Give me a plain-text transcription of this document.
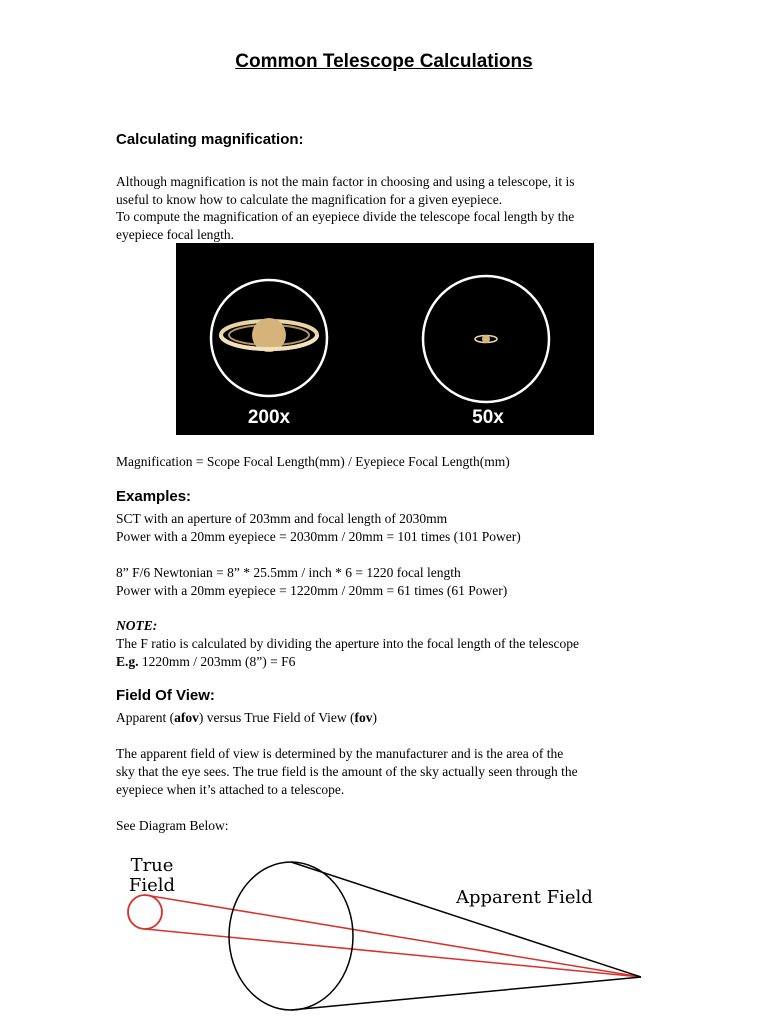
Common Telescope Calculations
Calculating magnification:
Although magnification is not the main factor in choosing and using a telescope, it is
useful to know how to calculate the magnification for a given eyepiece.
To compute the magnification of an eyepiece divide the telescope focal length by the
eyepiece focal length.
200x	50x
Magnification = Scope Focal Length(mm) / Eyepiece Focal Length(mm)
Examples:
SCT with an aperture of 203mm and focal length of 2030mm
Power with a 20mm eyepiece = 2030mm / 20mm = 101 times (101 Power)
8” F/6 Newtonian = 8” * 25.5mm / inch * 6 = 1220 focal length
Power with a 20mm eyepiece = 1220mm / 20mm = 61 times (61 Power)
NOTE:
The F ratio is calculated by dividing the aperture into the focal length of the telescope
E.g. 1220mm / 203mm (8”) = F6
Field Of View:
Apparent (afov) versus True Field of View (fov)
The apparent field of view is determined by the manufacturer and is the area of the
sky that the eye sees. The true field is the amount of the sky actually seen through the
eyepiece when it’s attached to a telescope.
See Diagram Below:
True
Field
Apparent Field
